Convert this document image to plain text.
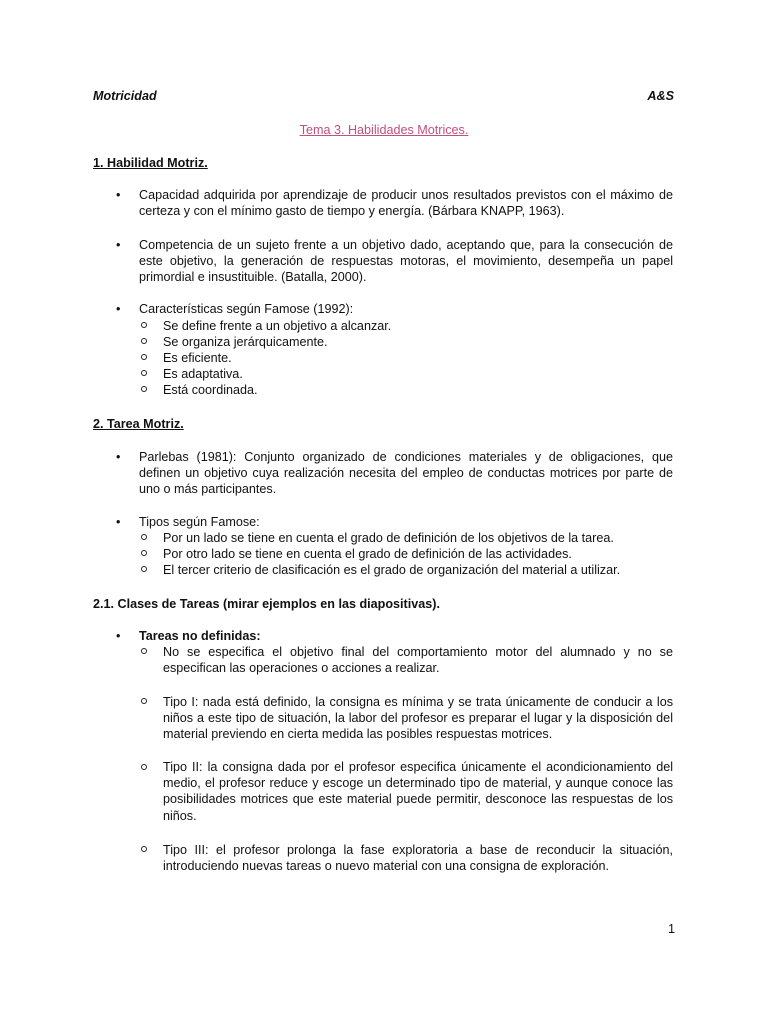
Motricidad	A&S
Tema 3. Habilidades Motrices.
1. Habilidad Motriz.
• Capacidad adquirida por aprendizaje de producir unos resultados previstos con el máximo de certeza y con el mínimo gasto de tiempo y energía. (Bárbara KNAPP, 1963).
• Competencia de un sujeto frente a un objetivo dado, aceptando que, para la consecución de este objetivo, la generación de respuestas motoras, el movimiento, desempeña un papel primordial e insustituible. (Batalla, 2000).
• Características según Famose (1992):
Se define frente a un objetivo a alcanzar.
Se organiza jerárquicamente.
Es eficiente.
Es adaptativa.
Está coordinada.
2. Tarea Motriz.
• Parlebas (1981): Conjunto organizado de condiciones materiales y de obligaciones, que definen un objetivo cuya realización necesita del empleo de conductas motrices por parte de uno o más participantes.
• Tipos según Famose:
Por un lado se tiene en cuenta el grado de definición de los objetivos de la tarea.
Por otro lado se tiene en cuenta el grado de definición de las actividades.
El tercer criterio de clasificación es el grado de organización del material a utilizar.
2.1. Clases de Tareas (mirar ejemplos en las diapositivas).
• Tareas no definidas:
No se especifica el objetivo final del comportamiento motor del alumnado y no se especifican las operaciones o acciones a realizar.
Tipo I: nada está definido, la consigna es mínima y se trata únicamente de conducir a los niños a este tipo de situación, la labor del profesor es preparar el lugar y la disposición del material previendo en cierta medida las posibles respuestas motrices.
Tipo II: la consigna dada por el profesor especifica únicamente el acondicionamiento del medio, el profesor reduce y escoge un determinado tipo de material, y aunque conoce las posibilidades motrices que este material puede permitir, desconoce las respuestas de los niños.
Tipo III: el profesor prolonga la fase exploratoria a base de reconducir la situación, introduciendo nuevas tareas o nuevo material con una consigna de exploración.
1
